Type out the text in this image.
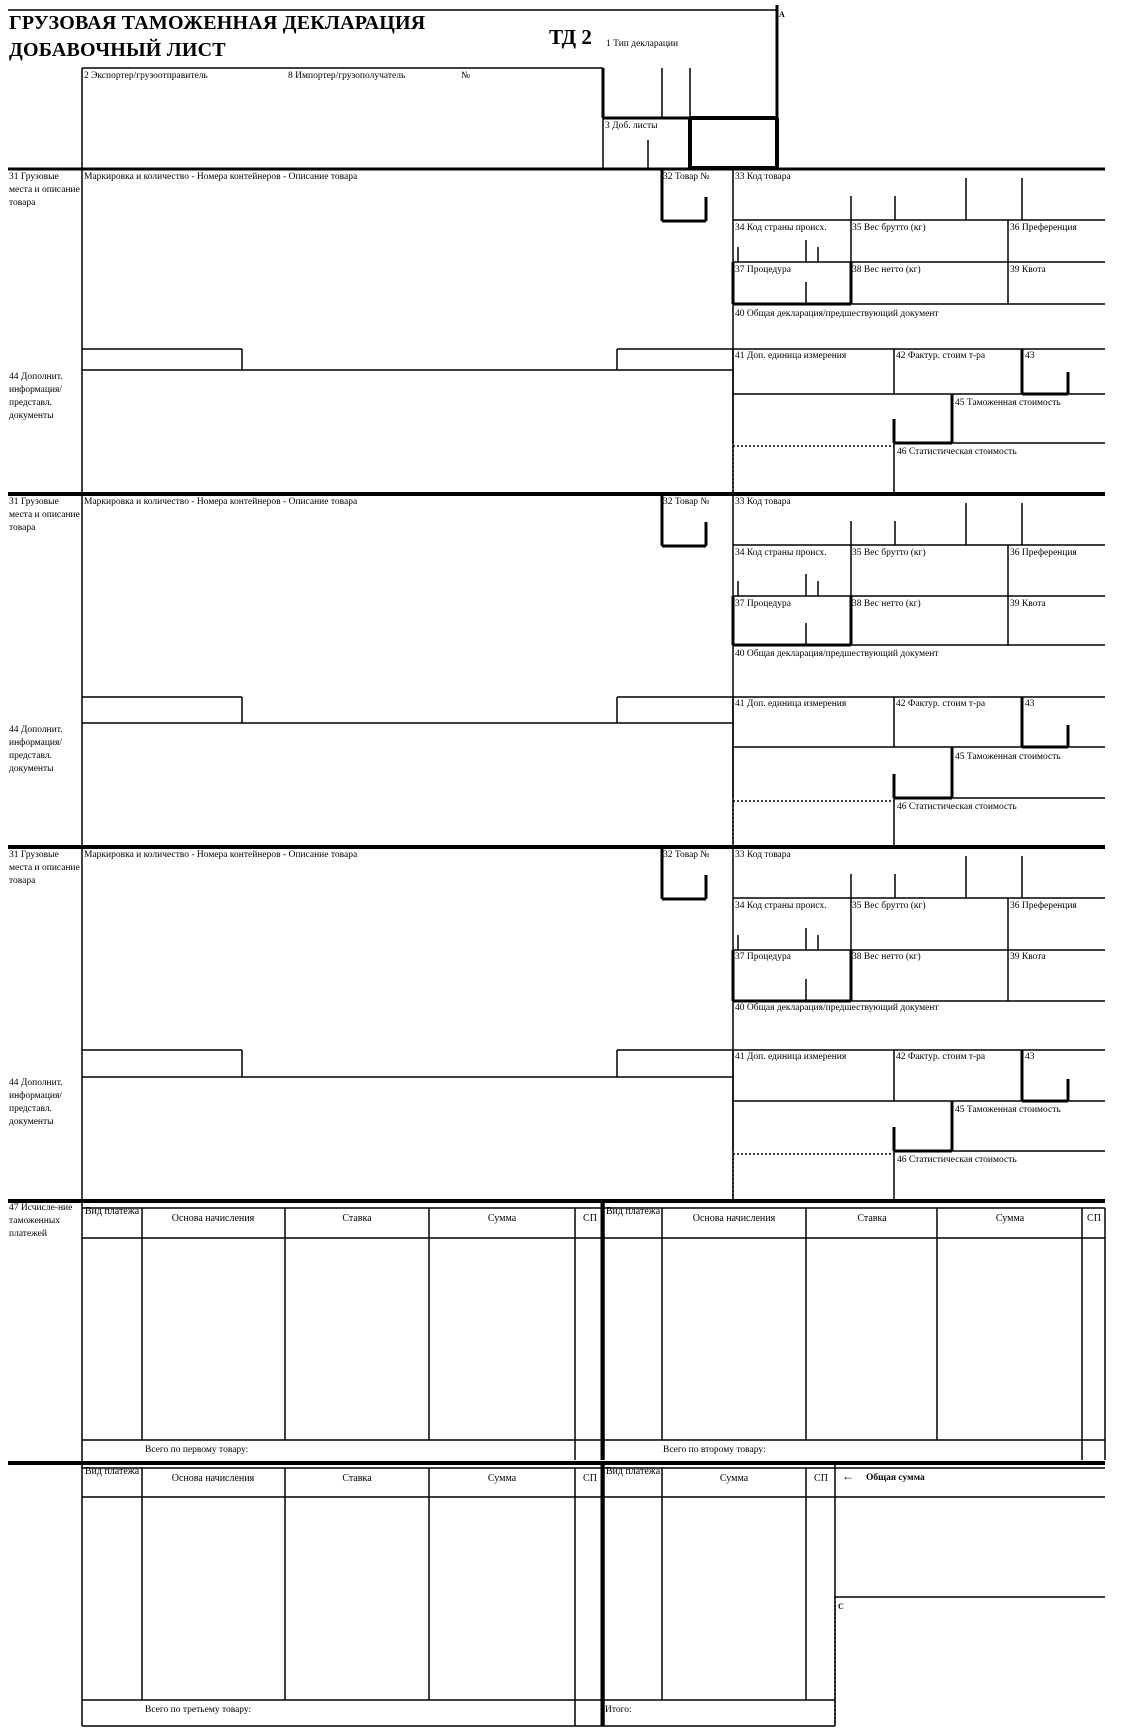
ГРУЗОВАЯ ТАМОЖЕННАЯ ДЕКЛАРАЦИЯ
ДОБАВОЧНЫЙ ЛИСТ
ТД 2 1 Тип декларации
A
2 Экспортер/грузоотправитель	8 Импортер/грузополучатель	№
3 Доб. листы
31 Грузовые места и описание товара
Маркировка и количество - Номера контейнеров - Описание товара	32 Товар №	33 Код товара
34 Код страны происх.	35 Вес брутто (кг)	36 Преференция
37 Процедура	38 Вес нетто (кг)	39 Квота
40 Общая декларация/предшествующий документ
41 Доп. единица измерения	42 Фактур. стоим т-ра	43
44 Дополнит. информация/ представл. документы
45 Таможенная стоимость
46 Статистическая стоимость
31 Грузовые места и описание товара
Маркировка и количество - Номера контейнеров - Описание товара	32 Товар №	33 Код товара
34 Код страны происх.	35 Вес брутто (кг)	36 Преференция
37 Процедура	38 Вес нетто (кг)	39 Квота
40 Общая декларация/предшествующий документ
41 Доп. единица измерения	42 Фактур. стоим т-ра	43
44 Дополнит. информация/ представл. документы
45 Таможенная стоимость
46 Статистическая стоимость
31 Грузовые места и описание товара
Маркировка и количество - Номера контейнеров - Описание товара	32 Товар №	33 Код товара
34 Код страны происх.	35 Вес брутто (кг)	36 Преференция
37 Процедура	38 Вес нетто (кг)	39 Квота
40 Общая декларация/предшествующий документ
41 Доп. единица измерения	42 Фактур. стоим т-ра	43
44 Дополнит. информация/ представл. документы
45 Таможенная стоимость
46 Статистическая стоимость
47 Исчисле-ние таможенных платежей
Вид платежа
Основа начисления	Ставка	Сумма	СП
Всего по первому товару:
Вид платежа
Основа начисления	Ставка	Сумма	СП
Всего по второму товару:
Вид платежа
Основа начисления	Ставка	Сумма	СП
Всего по третьему товару:
Вид платежа
Сумма	СП
Итого:
← Общая сумма
C
